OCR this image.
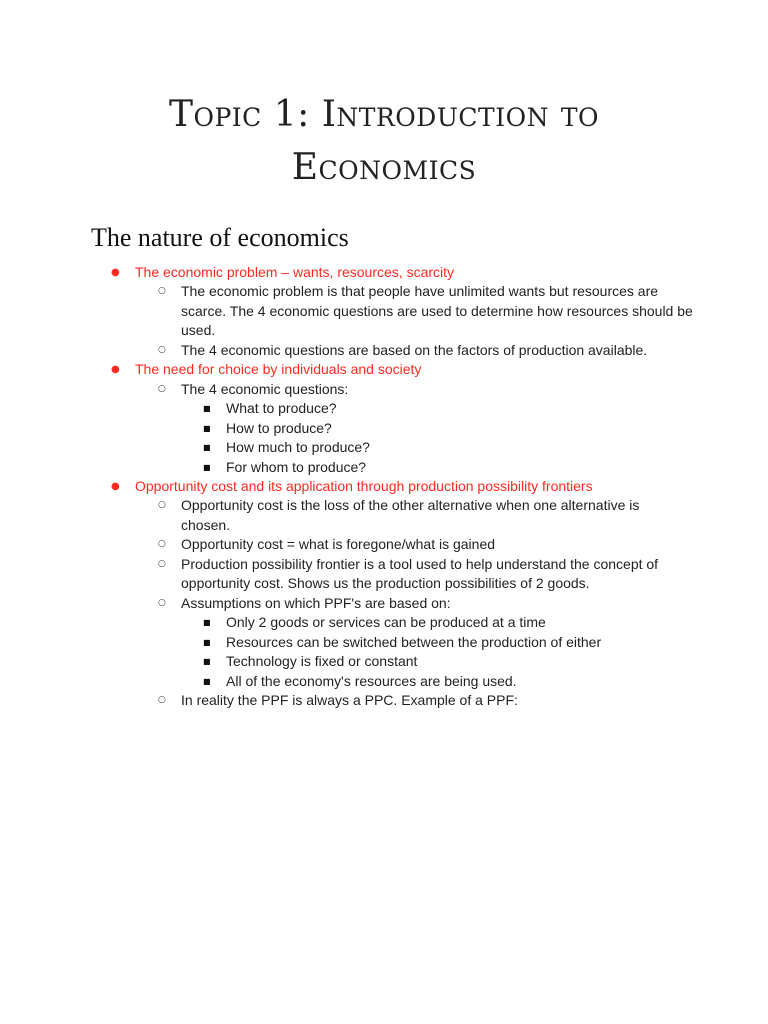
Topic 1: Introduction to
Economics
The nature of economics
● The economic problem – wants, resources, scarcity
○ The economic problem is that people have unlimited wants but resources are
scarce. The 4 economic questions are used to determine how resources should be
used.
○ The 4 economic questions are based on the factors of production available.
● The need for choice by individuals and society
○ The 4 economic questions:
■ What to produce?
■ How to produce?
■ How much to produce?
■ For whom to produce?
● Opportunity cost and its application through production possibility frontiers
○ Opportunity cost is the loss of the other alternative when one alternative is
chosen.
○ Opportunity cost = what is foregone/what is gained
○ Production possibility frontier is a tool used to help understand the concept of
opportunity cost. Shows us the production possibilities of 2 goods.
○ Assumptions on which PPF's are based on:
■ Only 2 goods or services can be produced at a time
■ Resources can be switched between the production of either
■ Technology is fixed or constant
■ All of the economy's resources are being used.
○ In reality the PPF is always a PPC. Example of a PPF:
